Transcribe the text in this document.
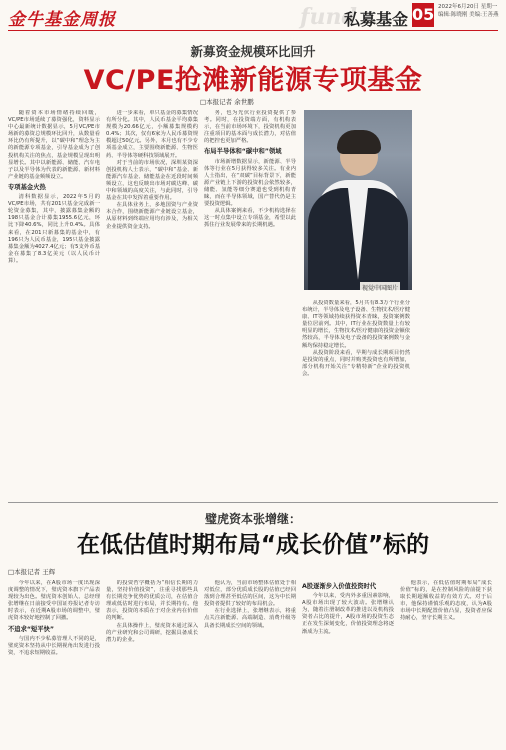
金牛基金周报	fund
私募基金 05 2022年6月20日 星期一
编辑:陈晓刚 美编:王善燕
新募资金规模环比回升
VC/PE抢滩新能源专项基金
□本报记者 余世鹏

随着资本市场情绪持续回暖，VC/PE市场延续了募资强化，资料显示中心最新统计数据显示，5月VC/PE市场新的募资总规模环比回升，从数量看环比仍有所提升，以“碳中和”理念为主的新能源专项基金，引导基金成为了创投机构关注的焦点，基金规模呈现出明显增长。其中以新能源、储能、汽车电子以及半导体为代表的新能源、新材料产业链的基金频频设立。

专项基金火热

清科数据显示，2022年5月的VC/PE市场，共有201只基金完成新一轮资金募集，其中，披露募集金额的198只基金合计募集1955.6亿元，环比下降40.6%，同比上升0.4%。具体来看，在201只新募集的基金中，有196只为人民币基金，195只基金披露募集金额为4027.4亿元；有5支外币基金在募集了8.3亿美元（以人民币计算）。

进一步来看，单只基金的募集情况有所分化。其中，人民币基金平均募集规模为20.66亿元，小额募集规模约0.4%；其次，仅有6家为人民币募资规模超过50亿元。另外，本月也有不少专项基金成立，主要围绕新能源、生物医药、半导体等硬科技领域展开。

对于当前的市场状况，深圳某资深创投机构人士表示，“碳中和”基金、新能源汽车基金、储能基金在近段时间频频设立，这也反映出市场对碳达峰、碳中和领域的高度关注，与此同时，引导基金在其中发挥着重要作用。

在具体业务上，多地国资与产业资本合作，围绕新能源产业链设立基金，从原材料到终端应用均有涉及，为相关企业提供资金支持。

务，也为光伏行业投资提供了参考。同时，在投资端方面，有机构表示，在当前市场环境下，投资机构更加注重项目的基本面与成长潜力，对估值的把控也更加严格。

布局半导体和“碳中和”领域

市场新增数据显示，新能源、半导体等行业在5月获得较多关注。有业内人士指出，在“双碳”目标背景下，新能源产业链上下游的投资机会依然较多，储能、氢能等细分赛道也受到机构青睐，而在半导体领域，国产替代仍是主要投资逻辑。

从具体案例来看，不少机构选择在这一时点集中设立专项基金，希望以此抓住行业发展带来的长期机遇。

从投资数量来看，5月共有8.3万个行业分布统计，半导体及电子设备、生物技术/医疗健康、IT等领域持续获得资本青睐，投资案例数量位居前列。其中，IT行业在投资数量上有较明显的增长，生物技术/医疗健康的投资金额依然较高，半导体及电子设备的投资案例数与金额均保持稳定增长。

从投资阶段来看，早期与成长期项目仍然是投资的重点，同时并购类投资也有所增加，部分机构开始关注“专精特新”企业的投资机会。

视觉中国图片
璧虎资本张增继：
在低估值时期布局“成长价值”标的
□本报记者 王辉

今年以来，在A股市场一度出现深度调整的情况下，璧虎资本旗下产品表现较为出色。璧虎资本创始人、总经理张增继在日前接受中国证券报记者专访时表示，在近期A股市场的调整中，璧虎资本较好地控制了回撤。

不追求“短平快”

与国内不少私募管理人不同的是，璧虎资本坚持从中长期视角出发进行投资，不追求短期收益。

的投资哲学概括为“相信长期的力量，坚持价值投资”，注重寻找那些具有长期竞争优势的优质公司，在估值合理或低估时进行布局，并长期持有。他表示，投资的本质在于对企业内在价值的判断。

在具体操作上，璧虎资本通过深入的产业研究和公司调研，挖掘具备成长潜力的企业。

他认为，当前市场整体估值处于相对低位，部分优质成长股的估值已经回落到合理甚至低估的区间，这为中长期投资者提供了较好的布局机会。

在行业选择上，张增继表示，将重点关注新能源、高端制造、消费升级等具备长期成长空间的领域。

A股逐渐步入价值投资时代

今年以来，受内外多重因素影响，A股市场出现了较大波动。张增继认为，随着注册制改革的推进以及机构投资者占比的提升，A股市场的投资生态正在发生深刻变化，价值投资理念将逐渐成为主流。

他表示，在低估值时期布局“成长价值”标的，是在控制风险的前提下获取长期超额收益的有效方式。对于后市，他保持谨慎乐观的态度，认为A股市场中长期配置价值凸显，投资者应保持耐心，坚守长期主义。
